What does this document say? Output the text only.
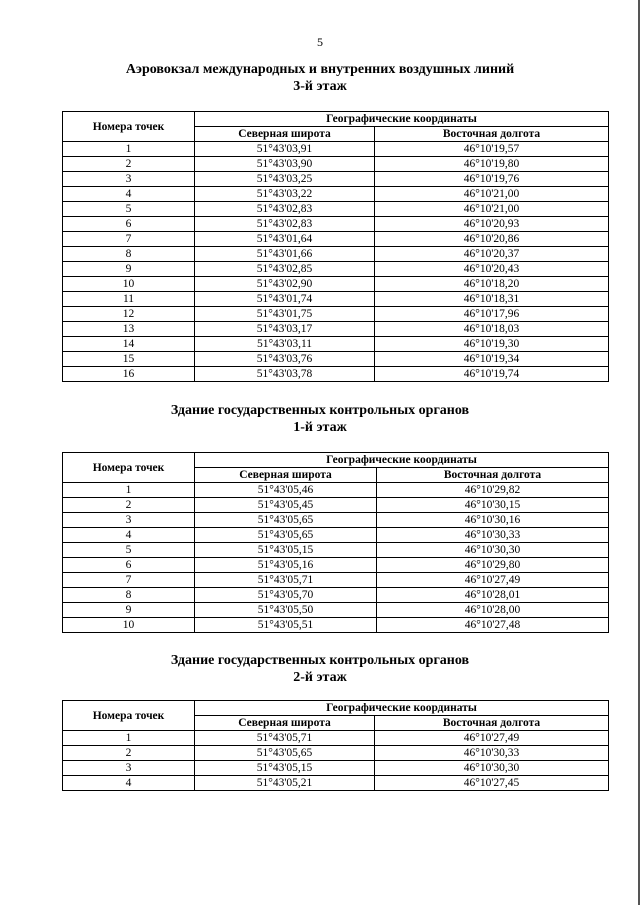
5
Аэровокзал международных и внутренних воздушных линий
3-й этаж
Номера точек	Географические координаты	
	Северная широта	Восточная долгота
1	51°43'03,91	46°10'19,57
2	51°43'03,90	46°10'19,80
3	51°43'03,25	46°10'19,76
4	51°43'03,22	46°10'21,00
5	51°43'02,83	46°10'21,00
6	51°43'02,83	46°10'20,93
7	51°43'01,64	46°10'20,86
8	51°43'01,66	46°10'20,37
9	51°43'02,85	46°10'20,43
10	51°43'02,90	46°10'18,20
11	51°43'01,74	46°10'18,31
12	51°43'01,75	46°10'17,96
13	51°43'03,17	46°10'18,03
14	51°43'03,11	46°10'19,30
15	51°43'03,76	46°10'19,34
16	51°43'03,78	46°10'19,74
Здание государственных контрольных органов
1-й этаж
Номера точек	Географические координаты	
	Северная широта	Восточная долгота
1	51°43'05,46	46°10'29,82
2	51°43'05,45	46°10'30,15
3	51°43'05,65	46°10'30,16
4	51°43'05,65	46°10'30,33
5	51°43'05,15	46°10'30,30
6	51°43'05,16	46°10'29,80
7	51°43'05,71	46°10'27,49
8	51°43'05,70	46°10'28,01
9	51°43'05,50	46°10'28,00
10	51°43'05,51	46°10'27,48
Здание государственных контрольных органов
2-й этаж
Номера точек	Географические координаты	
	Северная широта	Восточная долгота
1	51°43'05,71	46°10'27,49
2	51°43'05,65	46°10'30,33
3	51°43'05,15	46°10'30,30
4	51°43'05,21	46°10'27,45
